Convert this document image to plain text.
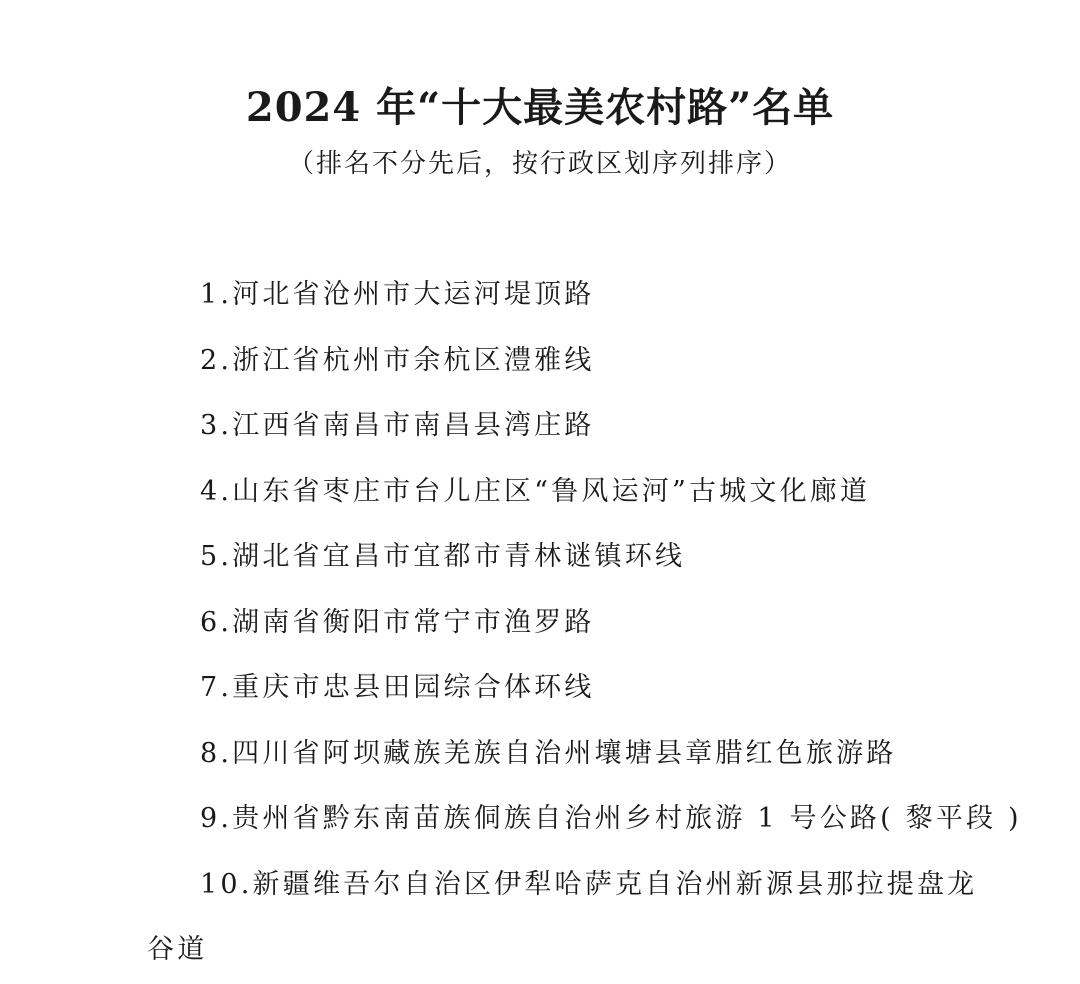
2024 年“十大最美农村路”名单
（排名不分先后，按行政区划序列排序）
1.河北省沧州市大运河堤顶路
2.浙江省杭州市余杭区澧雅线
3.江西省南昌市南昌县湾庄路
4.山东省枣庄市台儿庄区“鲁风运河”古城文化廊道
5.湖北省宜昌市宜都市青林谜镇环线
6.湖南省衡阳市常宁市渔罗路
7.重庆市忠县田园综合体环线
8.四川省阿坝藏族羌族自治州壤塘县章腊红色旅游路
9.贵州省黔东南苗族侗族自治州乡村旅游 1 号公路( 黎平段 )
10.新疆维吾尔自治区伊犁哈萨克自治州新源县那拉提盘龙
谷道
